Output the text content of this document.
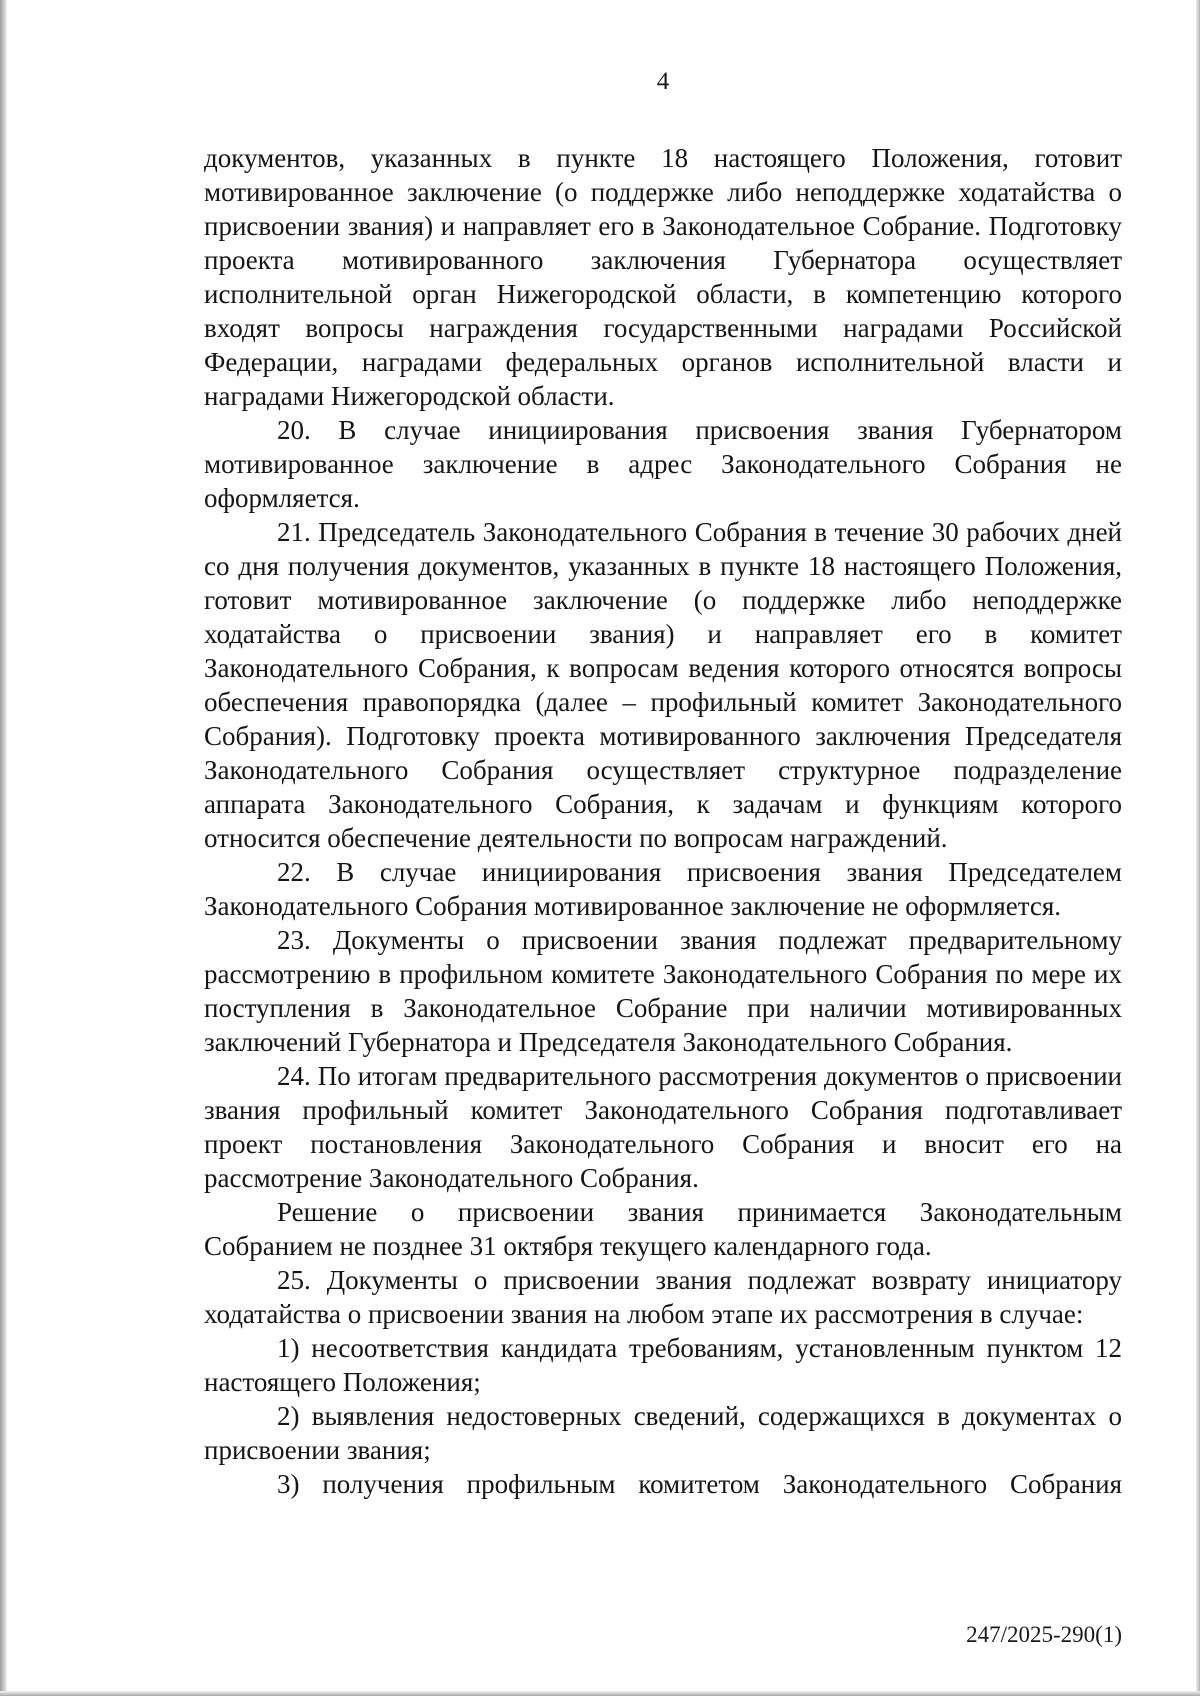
4

документов, указанных в пункте 18 настоящего Положения, готовит мотивированное заключение (о поддержке либо неподдержке ходатайства о присвоении звания) и направляет его в Законодательное Собрание. Подготовку проекта мотивированного заключения Губернатора осуществляет исполнительной орган Нижегородской области, в компетенцию которого входят вопросы награждения государственными наградами Российской Федерации, наградами федеральных органов исполнительной власти и наградами Нижегородской области.

20. В случае инициирования присвоения звания Губернатором мотивированное заключение в адрес Законодательного Собрания не оформляется.

21. Председатель Законодательного Собрания в течение 30 рабочих дней со дня получения документов, указанных в пункте 18 настоящего Положения, готовит мотивированное заключение (о поддержке либо неподдержке ходатайства о присвоении звания) и направляет его в комитет Законодательного Собрания, к вопросам ведения которого относятся вопросы обеспечения правопорядка (далее – профильный комитет Законодательного Собрания). Подготовку проекта мотивированного заключения Председателя Законодательного Собрания осуществляет структурное подразделение аппарата Законодательного Собрания, к задачам и функциям которого относится обеспечение деятельности по вопросам награждений.

22. В случае инициирования присвоения звания Председателем Законодательного Собрания мотивированное заключение не оформляется.

23. Документы о присвоении звания подлежат предварительному рассмотрению в профильном комитете Законодательного Собрания по мере их поступления в Законодательное Собрание при наличии мотивированных заключений Губернатора и Председателя Законодательного Собрания.

24. По итогам предварительного рассмотрения документов о присвоении звания профильный комитет Законодательного Собрания подготавливает проект постановления Законодательного Собрания и вносит его на рассмотрение Законодательного Собрания.

Решение о присвоении звания принимается Законодательным Собранием не позднее 31 октября текущего календарного года.

25. Документы о присвоении звания подлежат возврату инициатору ходатайства о присвоении звания на любом этапе их рассмотрения в случае:

1) несоответствия кандидата требованиям, установленным пунктом 12 настоящего Положения;

2) выявления недостоверных сведений, содержащихся в документах о присвоении звания;

3) получения профильным комитетом Законодательного Собрания

247/2025-290(1)
